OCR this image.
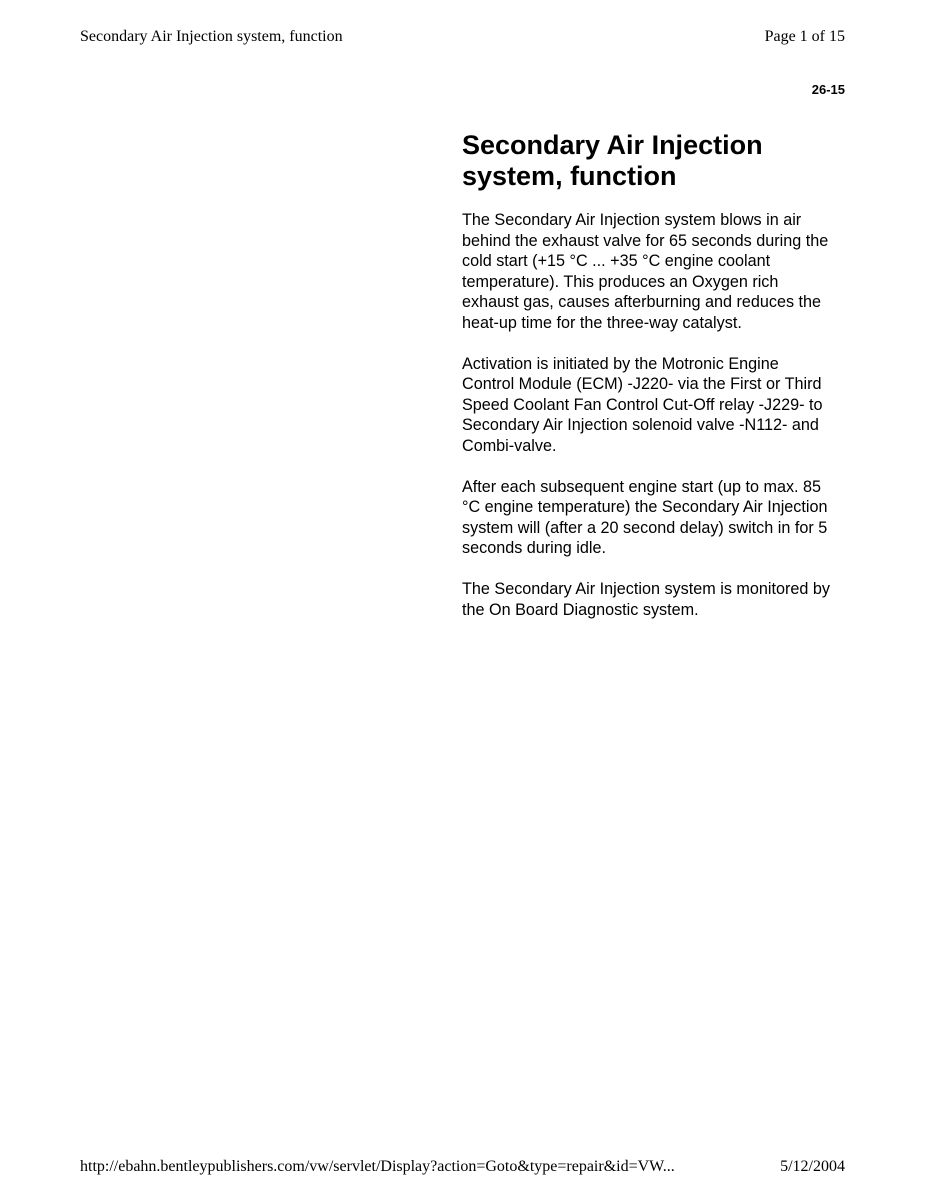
Secondary Air Injection system, function	Page 1 of 15
26-15
Secondary Air Injection system, function

The Secondary Air Injection system blows in air behind the exhaust valve for 65 seconds during the cold start (+15 °C ... +35 °C engine coolant temperature). This produces an Oxygen rich exhaust gas, causes afterburning and reduces the heat-up time for the three-way catalyst.

Activation is initiated by the Motronic Engine Control Module (ECM) -J220- via the First or Third Speed Coolant Fan Control Cut-Off relay -J229- to Secondary Air Injection solenoid valve -N112- and Combi-valve.

After each subsequent engine start (up to max. 85 °C engine temperature) the Secondary Air Injection system will (after a 20 second delay) switch in for 5 seconds during idle.

The Secondary Air Injection system is monitored by the On Board Diagnostic system.

http://ebahn.bentleypublishers.com/vw/servlet/Display?action=Goto&type=repair&id=VW...	5/12/2004
